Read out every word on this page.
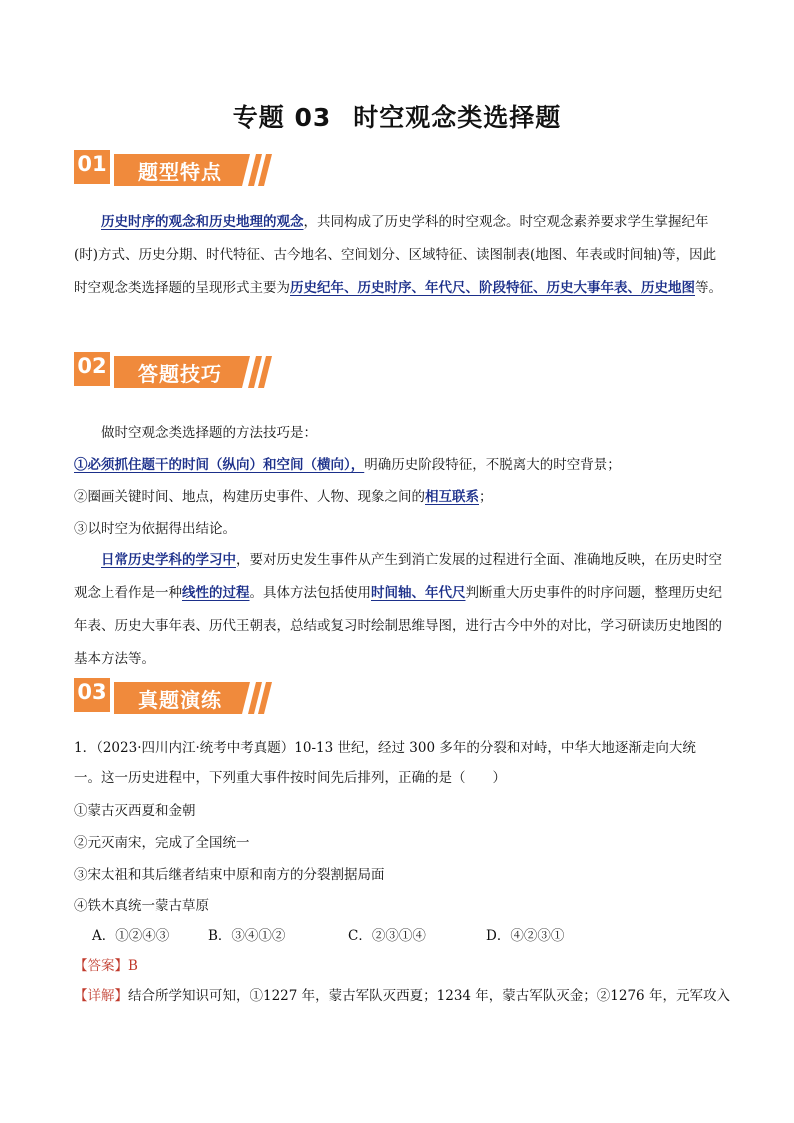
专题 03 时空观念类选择题
01	题型特点

历史时序的观念和历史地理的观念，共同构成了历史学科的时空观念。时空观念素养要求学生掌握纪年(时)方式、历史分期、时代特征、古今地名、空间划分、区域特征、读图制表(地图、年表或时间轴)等，因此时空观念类选择题的呈现形式主要为历史纪年、历史时序、年代尺、阶段特征、历史大事年表、历史地图等。

02	答题技巧
做时空观念类选择题的方法技巧是：
①必须抓住题干的时间（纵向）和空间（横向），明确历史阶段特征，不脱离大的时空背景；
②圈画关键时间、地点，构建历史事件、人物、现象之间的相互联系；
③以时空为依据得出结论。

日常历史学科的学习中，要对历史发生事件从产生到消亡发展的过程进行全面、准确地反映，在历史时空观念上看作是一种线性的过程。具体方法包括使用时间轴、年代尺判断重大历史事件的时序问题，整理历史纪年表、历史大事年表、历代王朝表，总结或复习时绘制思维导图，进行古今中外的对比，学习研读历史地图的基本方法等。

03	真题演练
1．（2023·四川内江·统考中考真题）10-13 世纪，经过 300 多年的分裂和对峙，中华大地逐渐走向大统
一。这一历史进程中，下列重大事件按时间先后排列，正确的是（　　）
①蒙古灭西夏和金朝
②元灭南宋，完成了全国统一
③宋太祖和其后继者结束中原和南方的分裂割据局面
④铁木真统一蒙古草原
A．①②④③	B．③④①②	C．②③①④	D．④②③①
【答案】B
【详解】结合所学知识可知，①1227 年，蒙古军队灭西夏；1234 年，蒙古军队灭金；②1276 年，元军攻入
